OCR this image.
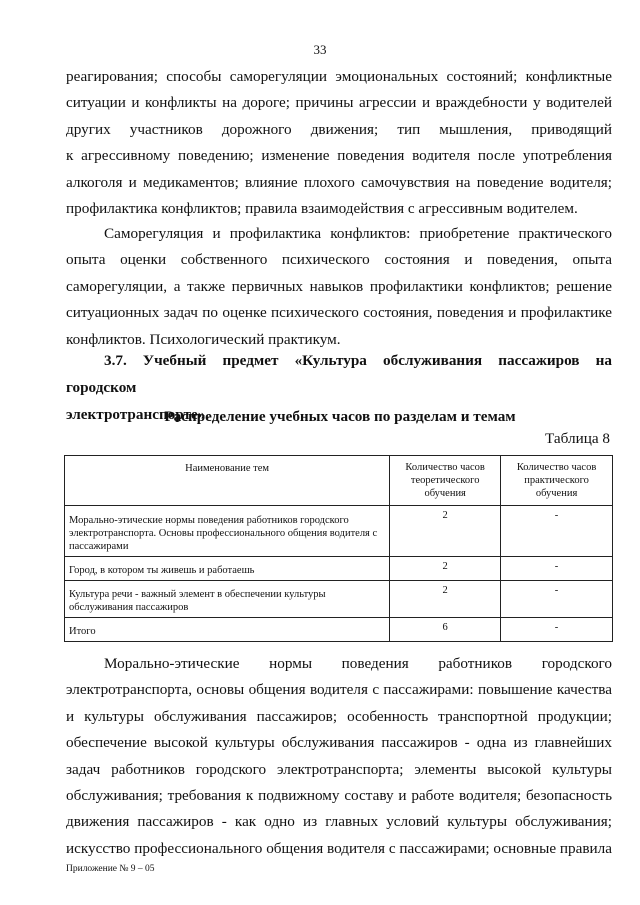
33
реагирования; способы саморегуляции эмоциональных состояний; конфликтные
ситуации и конфликты на дороге; причины агрессии и враждебности у водителей
других участников дорожного движения; тип мышления, приводящий
к агрессивному поведению; изменение поведения водителя после употребления
алкоголя и медикаментов; влияние плохого самочувствия на поведение водителя;
профилактика конфликтов; правила взаимодействия с агрессивным водителем.
Саморегуляция и профилактика конфликтов: приобретение практического
опыта оценки собственного психического состояния и поведения, опыта
саморегуляции, а также первичных навыков профилактики конфликтов; решение
ситуационных задач по оценке психического состояния, поведения и профилактике
конфликтов. Психологический практикум.
3.7. Учебный предмет «Культура обслуживания пассажиров на городском
электротранспорте».
Распределение учебных часов по разделам и темам
Таблица 8
Наименование тем	Количество часов теоретического обучения	Количество часов практического обучения
Морально-этические нормы поведения работников городского электротранспорта. Основы профессионального общения водителя с пассажирами	2	-
Город, в котором ты живешь и работаешь	2	-
Культура речи - важный элемент в обеспечении культуры обслуживания пассажиров	2	-
Итого	6	-
Морально-этические нормы поведения работников городского
электротранспорта, основы общения водителя с пассажирами: повышение качества
и культуры обслуживания пассажиров; особенность транспортной продукции;
обеспечение высокой культуры обслуживания пассажиров - одна из главнейших
задач работников городского электротранспорта; элементы высокой культуры
обслуживания; требования к подвижному составу и работе водителя; безопасность
движения пассажиров - как одно из главных условий культуры обслуживания;
искусство профессионального общения водителя с пассажирами; основные правила
Приложение № 9 – 05
